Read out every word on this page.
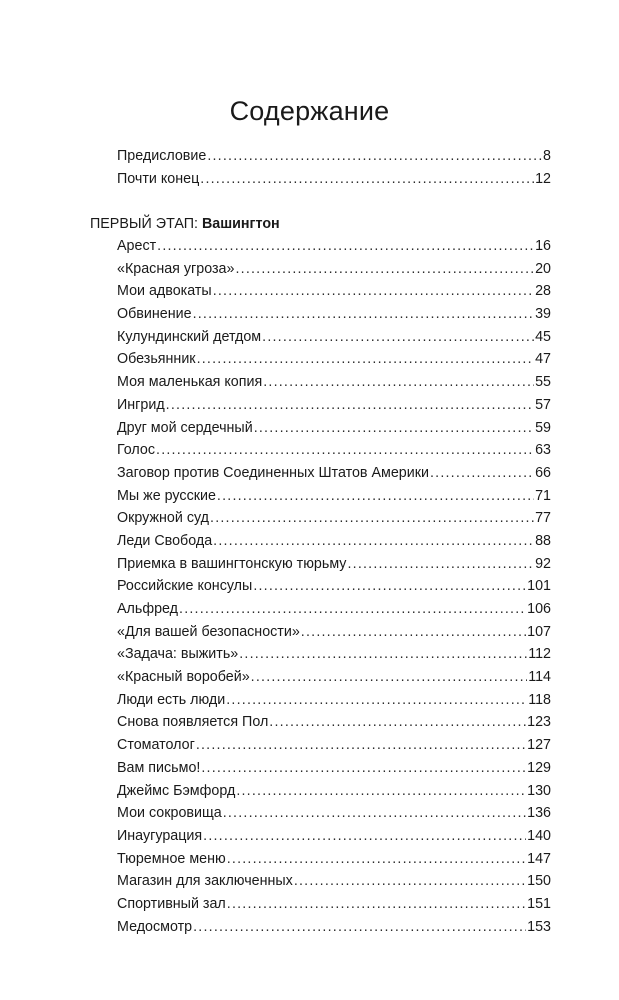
Содержание
Предисловие .....	8
Почти конец .....	12
ПЕРВЫЙ ЭТАП: Вашингтон
Арест .....	16
«Красная угроза» .....	20
Мои адвокаты .....	28
Обвинение .....	39
Кулундинский детдом .....	45
Обезьянник .....	47
Моя маленькая копия .....	55
Ингрид .....	57
Друг мой сердечный .....	59
Голос .....	63
Заговор против Соединенных Штатов Америки .....	66
Мы же русские .....	71
Окружной суд .....	77
Леди Свобода .....	88
Приемка в вашингтонскую тюрьму .....	92
Российские консулы .....	101
Альфред .....	106
«Для вашей безопасности» .....	107
«Задача: выжить» .....	112
«Красный воробей» .....	114
Люди есть люди .....	118
Снова появляется Пол .....	123
Стоматолог .....	127
Вам письмо! .....	129
Джеймс Бэмфорд .....	130
Мои сокровища .....	136
Инаугурация .....	140
Тюремное меню .....	147
Магазин для заключенных .....	150
Спортивный зал .....	151
Медосмотр .....	153
